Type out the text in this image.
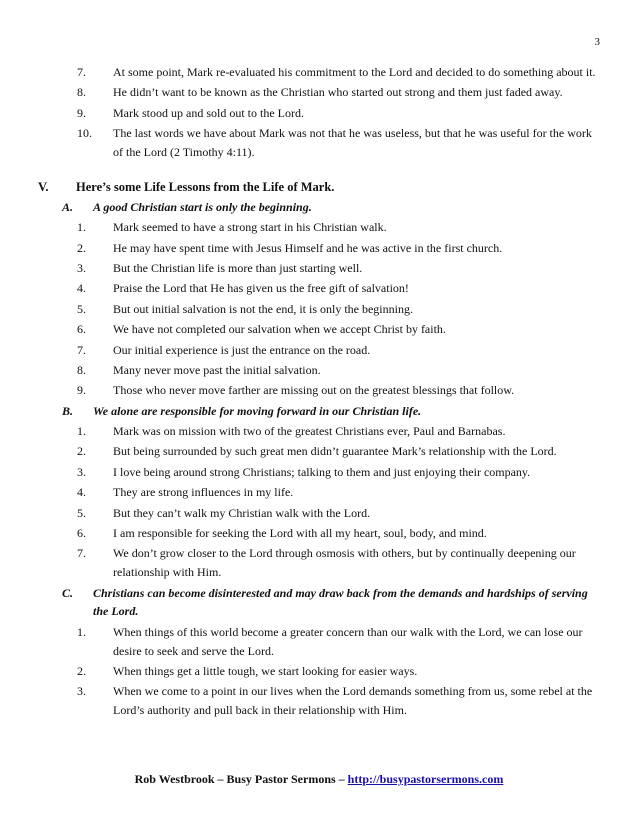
3
7.	At some point, Mark re-evaluated his commitment to the Lord and decided to do something about it.
8.	He didn’t want to be known as the Christian who started out strong and them just faded away.
9.	Mark stood up and sold out to the Lord.
10.	The last words we have about Mark was not that he was useless, but that he was useful for the work of the Lord (2 Timothy 4:11).
V. Here’s some Life Lessons from the Life of Mark.
A. A good Christian start is only the beginning.
1.	Mark seemed to have a strong start in his Christian walk.
2.	He may have spent time with Jesus Himself and he was active in the first church.
3.	But the Christian life is more than just starting well.
4.	Praise the Lord that He has given us the free gift of salvation!
5.	But out initial salvation is not the end, it is only the beginning.
6.	We have not completed our salvation when we accept Christ by faith.
7.	Our initial experience is just the entrance on the road.
8.	Many never move past the initial salvation.
9.	Those who never move farther are missing out on the greatest blessings that follow.
B. We alone are responsible for moving forward in our Christian life.
1.	Mark was on mission with two of the greatest Christians ever, Paul and Barnabas.
2.	But being surrounded by such great men didn’t guarantee Mark’s relationship with the Lord.
3.	I love being around strong Christians; talking to them and just enjoying their company.
4.	They are strong influences in my life.
5.	But they can’t walk my Christian walk with the Lord.
6.	I am responsible for seeking the Lord with all my heart, soul, body, and mind.
7.	We don’t grow closer to the Lord through osmosis with others, but by continually deepening our relationship with Him.
C. Christians can become disinterested and may draw back from the demands and hardships of serving the Lord.
1.	When things of this world become a greater concern than our walk with the Lord, we can lose our desire to seek and serve the Lord.
2.	When things get a little tough, we start looking for easier ways.
3.	When we come to a point in our lives when the Lord demands something from us, some rebel at the Lord’s authority and pull back in their relationship with Him.
Rob Westbrook – Busy Pastor Sermons – http://busypastorsermons.com
